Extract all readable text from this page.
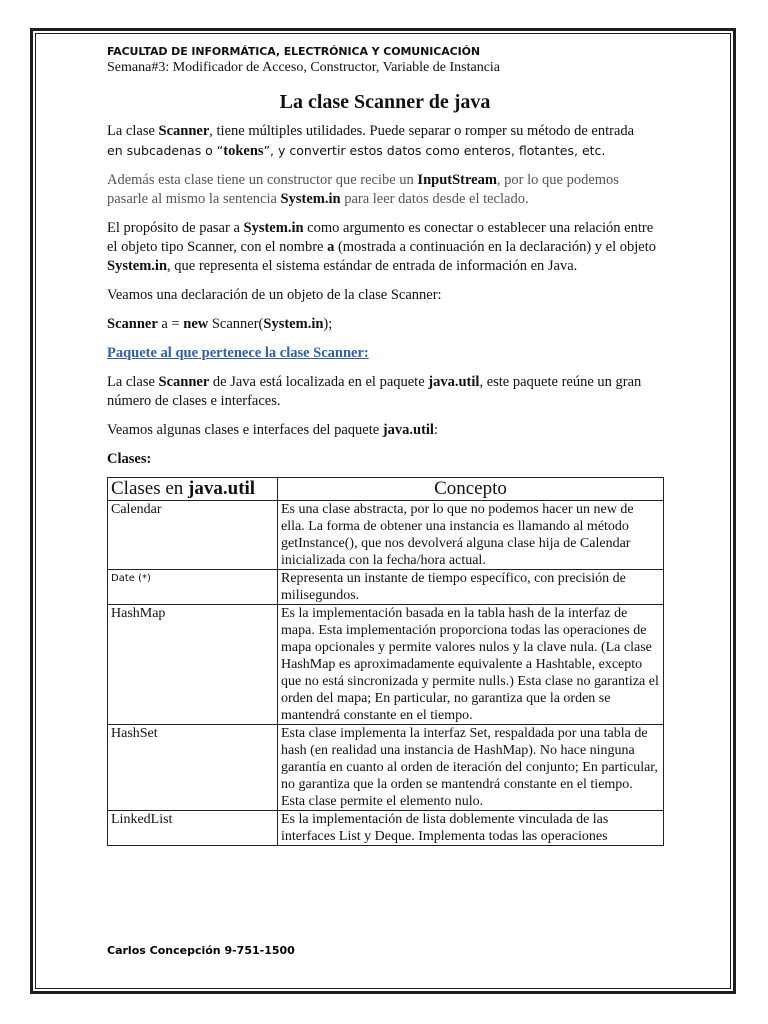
FACULTAD DE INFORMÁTICA, ELECTRÓNICA Y COMUNICACIÓN
Semana#3: Modificador de Acceso, Constructor, Variable de Instancia
La clase Scanner de java

La clase Scanner, tiene múltiples utilidades. Puede separar o romper su método de entrada
en subcadenas o “tokens”, y convertir estos datos como enteros, flotantes, etc.

Además esta clase tiene un constructor que recibe un InputStream, por lo que podemos pasarle al mismo la sentencia System.in para leer datos desde el teclado.

El propósito de pasar a System.in como argumento es conectar o establecer una relación entre el objeto tipo Scanner, con el nombre a (mostrada a continuación en la declaración) y el objeto System.in, que representa el sistema estándar de entrada de información en Java.

Veamos una declaración de un objeto de la clase Scanner:

Scanner a = new Scanner(System.in);

Paquete al que pertenece la clase Scanner:

La clase Scanner de Java está localizada en el paquete java.util, este paquete reúne un gran número de clases e interfaces.

Veamos algunas clases e interfaces del paquete java.util:

Clases:

Clases en java.util	Concepto
Calendar	Es una clase abstracta, por lo que no podemos hacer un new de ella. La forma de obtener una instancia es llamando al método getInstance(), que nos devolverá alguna clase hija de Calendar inicializada con la fecha/hora actual.
Date (*)	Representa un instante de tiempo específico, con precisión de milisegundos.
HashMap	Es la implementación basada en la tabla hash de la interfaz de mapa. Esta implementación proporciona todas las operaciones de mapa opcionales y permite valores nulos y la clave nula. (La clase HashMap es aproximadamente equivalente a Hashtable, excepto que no está sincronizada y permite nulls.) Esta clase no garantiza el orden del mapa; En particular, no garantiza que la orden se mantendrá constante en el tiempo.
HashSet	Esta clase implementa la interfaz Set, respaldada por una tabla de hash (en realidad una instancia de HashMap). No hace ninguna garantía en cuanto al orden de iteración del conjunto; En particular, no garantiza que la orden se mantendrá constante en el tiempo. Esta clase permite el elemento nulo.
LinkedList	Es la implementación de lista doblemente vinculada de las interfaces List y Deque. Implementa todas las operaciones
Carlos Concepción 9-751-1500
